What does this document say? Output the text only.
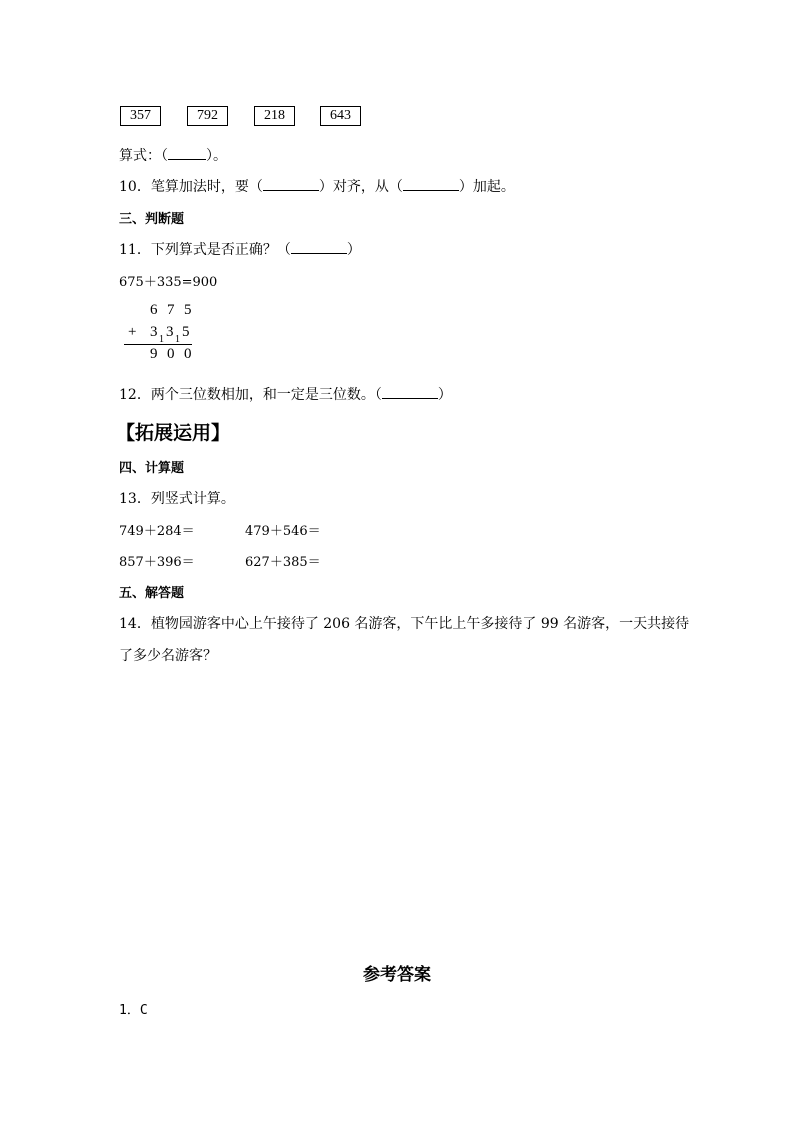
357	792	218	643
算式：（	）。
10．笔算加法时，要（	）对齐，从（	）加起。
三、判断题
11．下列算式是否正确？（	）
675＋335=900
6 7 5
+ 3 1 3 1 5
9 0 0
12．两个三位数相加，和一定是三位数。（	）
【拓展运用】
四、计算题
13．列竖式计算。
749＋284＝	479＋546＝
857＋396＝	627＋385＝
五、解答题
14．植物园游客中心上午接待了 206 名游客，下午比上午多接待了 99 名游客，一天共接待
了多少名游客？
参考答案
1．C
